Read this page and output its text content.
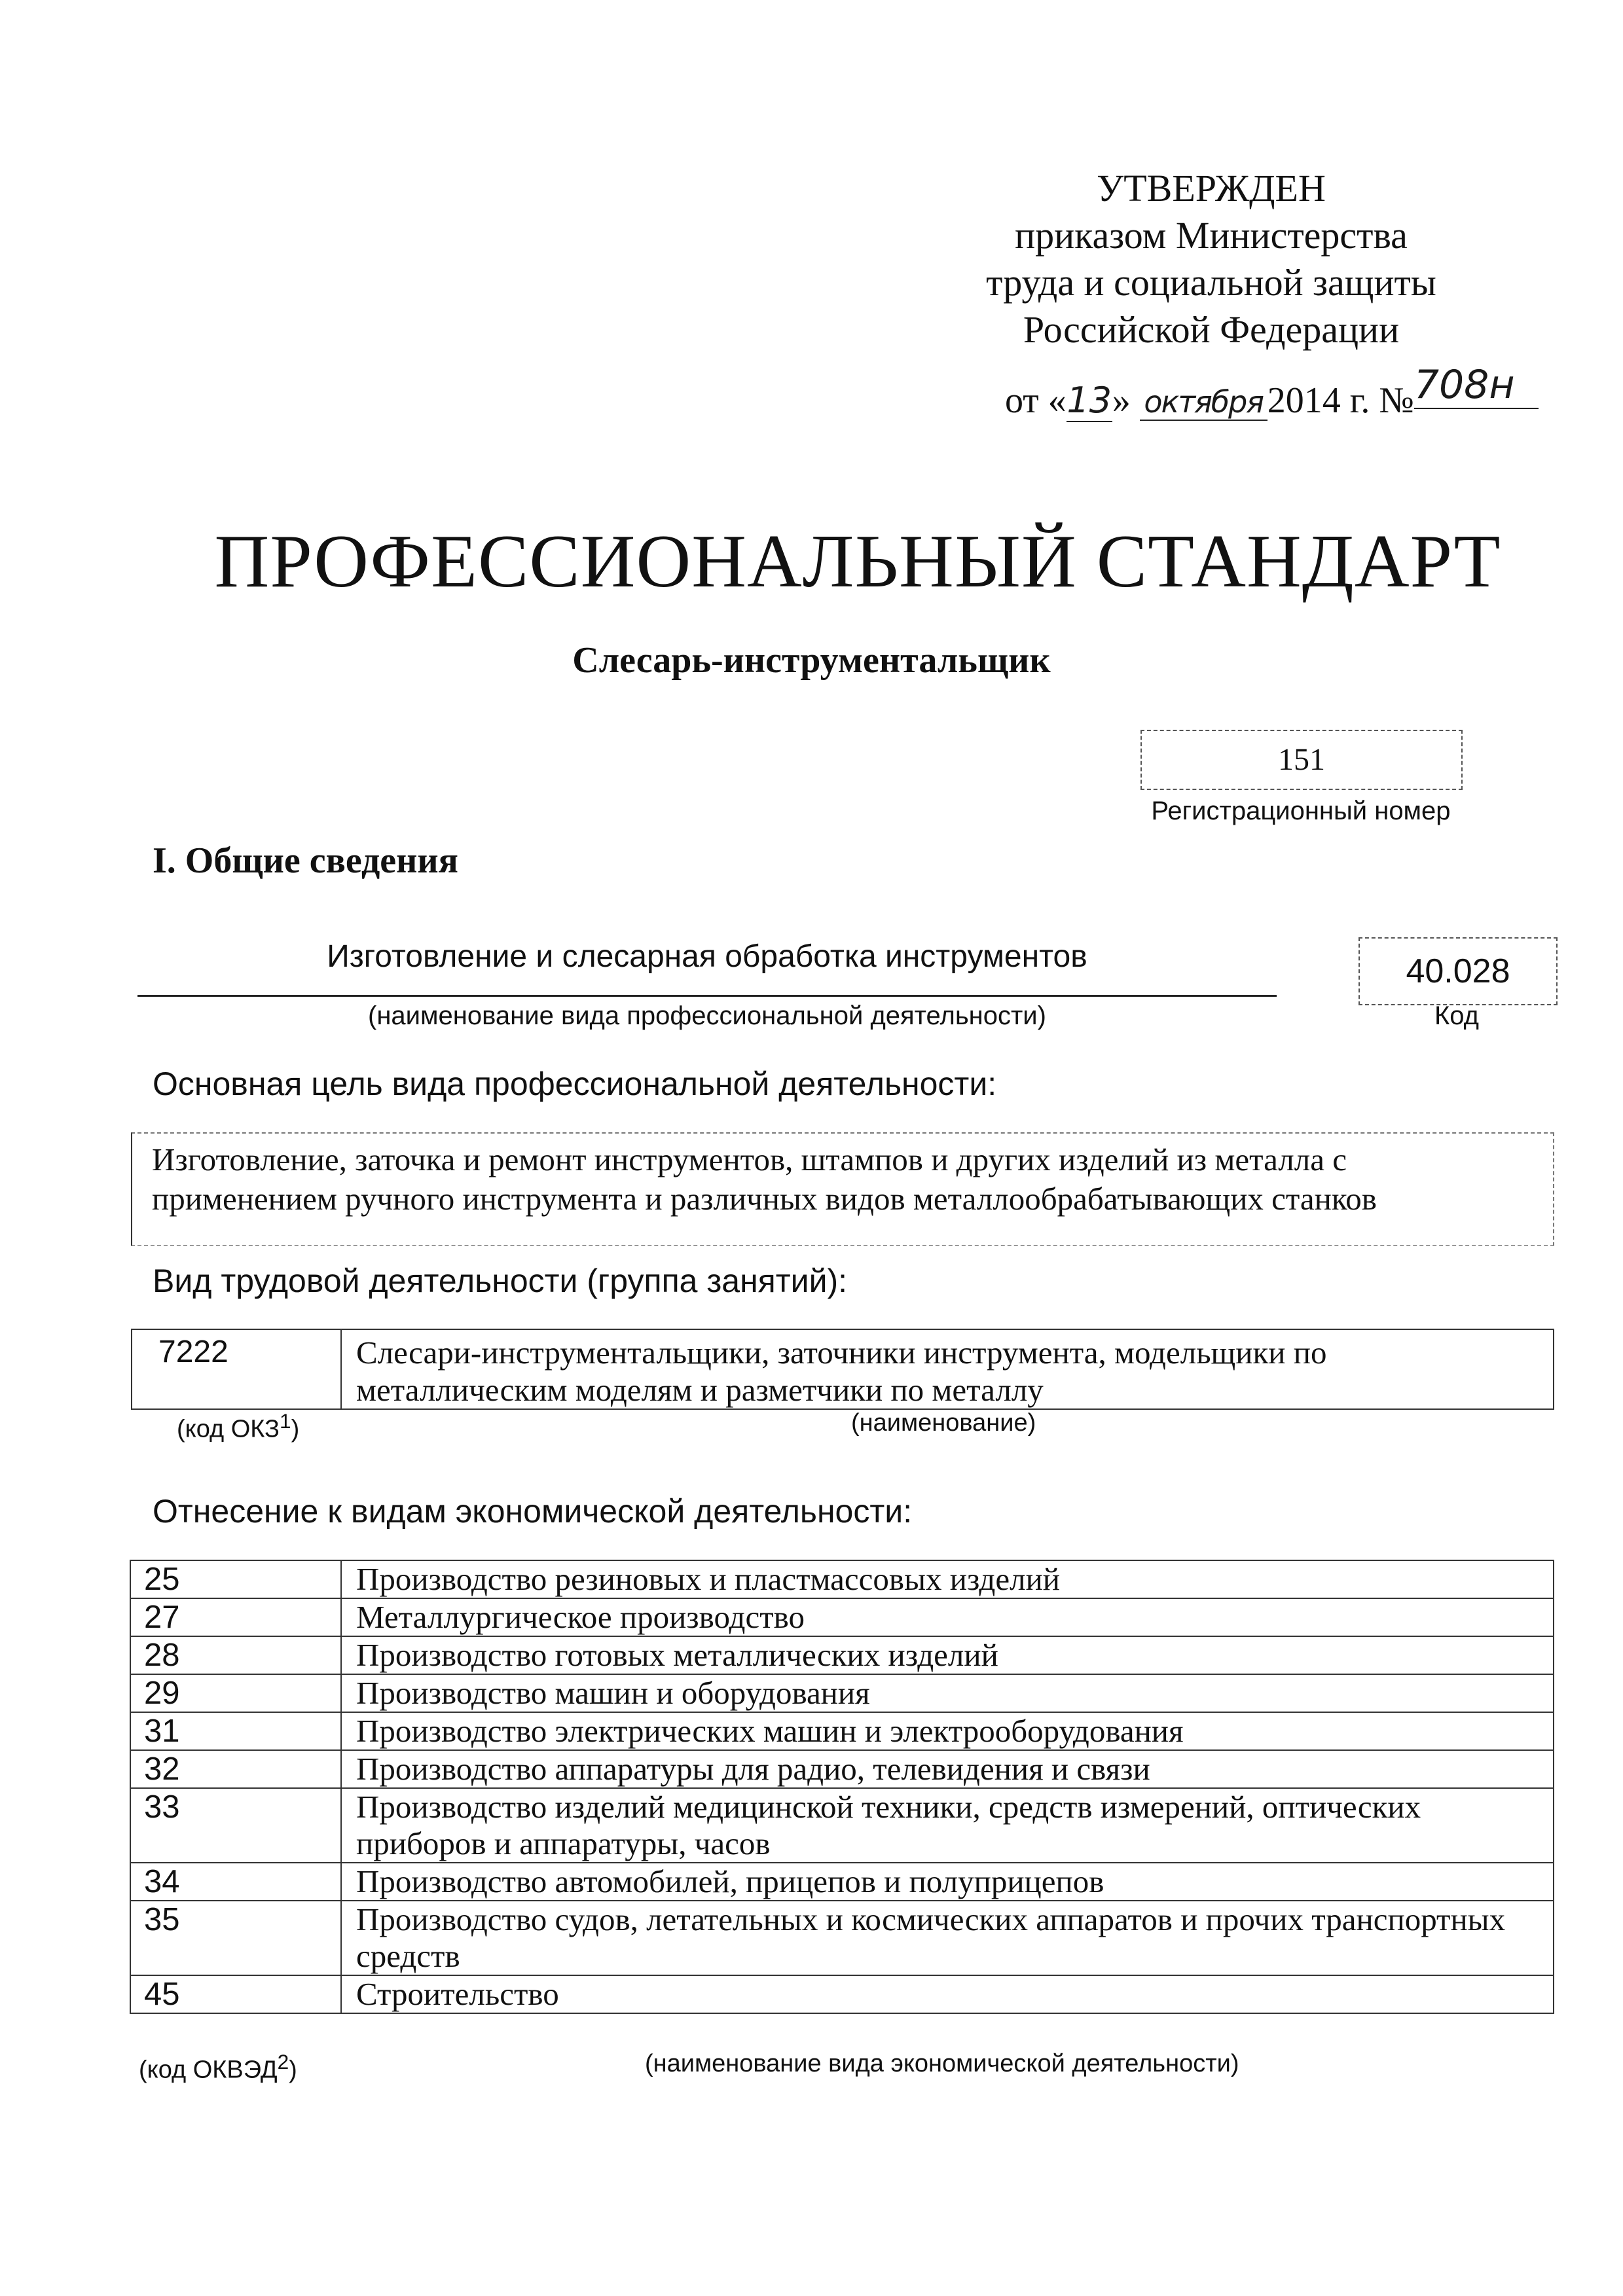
УТВЕРЖДЕН
приказом Министерства
труда и социальной защиты
Российской Федерации
от «13» октября 2014 г. №708н
ПРОФЕССИОНАЛЬНЫЙ СТАНДАРТ
Слесарь-инструментальщик
151
Регистрационный номер
I. Общие сведения
Изготовление и слесарная обработка инструментов
(наименование вида профессиональной деятельности)
40.028
Код
Основная цель вида профессиональной деятельности:
Изготовление, заточка и ремонт инструментов, штампов и других изделий из металла с
применением ручного инструмента и различных видов металлообрабатывающих станков
Вид трудовой деятельности (группа занятий):
7222	Слесари-инструментальщики, заточники инструмента, модельщики по
металлическим моделям и разметчики по металлу
(код ОКЗ$^1$)	(наименование)
Отнесение к видам экономической деятельности:
25	Производство резиновых и пластмассовых изделий
27	Металлургическое производство
28	Производство готовых металлических изделий
29	Производство машин и оборудования
31	Производство электрических машин и электрооборудования
32	Производство аппаратуры для радио, телевидения и связи
33	Производство изделий медицинской техники, средств измерений, оптических приборов и аппаратуры, часов
34	Производство автомобилей, прицепов и полуприцепов
35	Производство судов, летательных и космических аппаратов и прочих транспортных средств
45	Строительство
(код ОКВЭД$^2$)	(наименование вида экономической деятельности)
